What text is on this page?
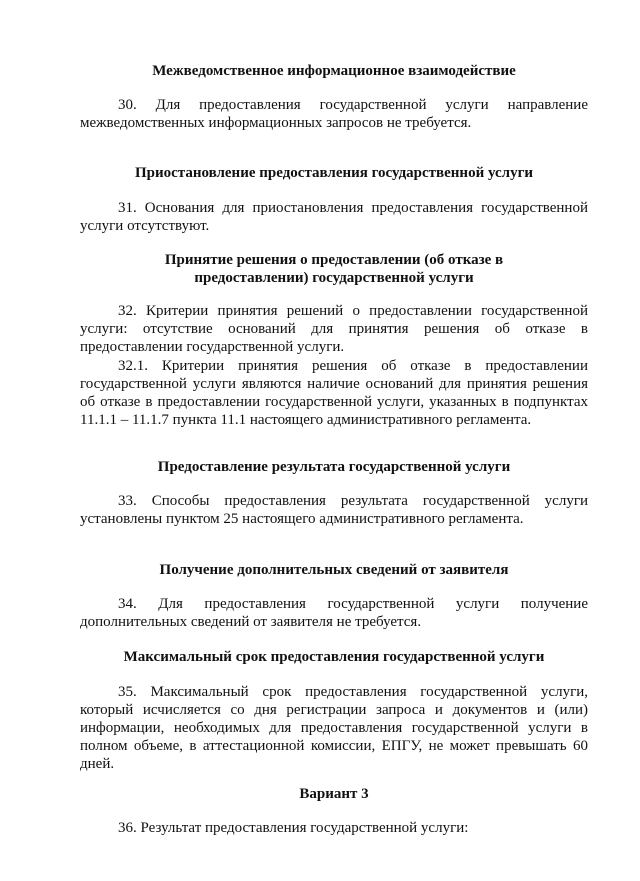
Межведомственное информационное взаимодействие

30. Для предоставления государственной услуги направление межведомственных информационных запросов не требуется.

Приостановление предоставления государственной услуги

31. Основания для приостановления предоставления государственной услуги отсутствуют.

Принятие решения о предоставлении (об отказе в предоставлении) государственной услуги

32. Критерии принятия решений о предоставлении государственной услуги: отсутствие оснований для принятия решения об отказе в предоставлении государственной услуги.

32.1. Критерии принятия решения об отказе в предоставлении государственной услуги являются наличие оснований для принятия решения об отказе в предоставлении государственной услуги, указанных в подпунктах 11.1.1 – 11.1.7 пункта 11.1 настоящего административного регламента.

Предоставление результата государственной услуги

33. Способы предоставления результата государственной услуги установлены пунктом 25 настоящего административного регламента.

Получение дополнительных сведений от заявителя

34. Для предоставления государственной услуги получение дополнительных сведений от заявителя не требуется.

Максимальный срок предоставления государственной услуги

35. Максимальный срок предоставления государственной услуги, который исчисляется со дня регистрации запроса и документов и (или) информации, необходимых для предоставления государственной услуги в полном объеме, в аттестационной комиссии, ЕПГУ, не может превышать 60 дней.

Вариант 3

36. Результат предоставления государственной услуги:
